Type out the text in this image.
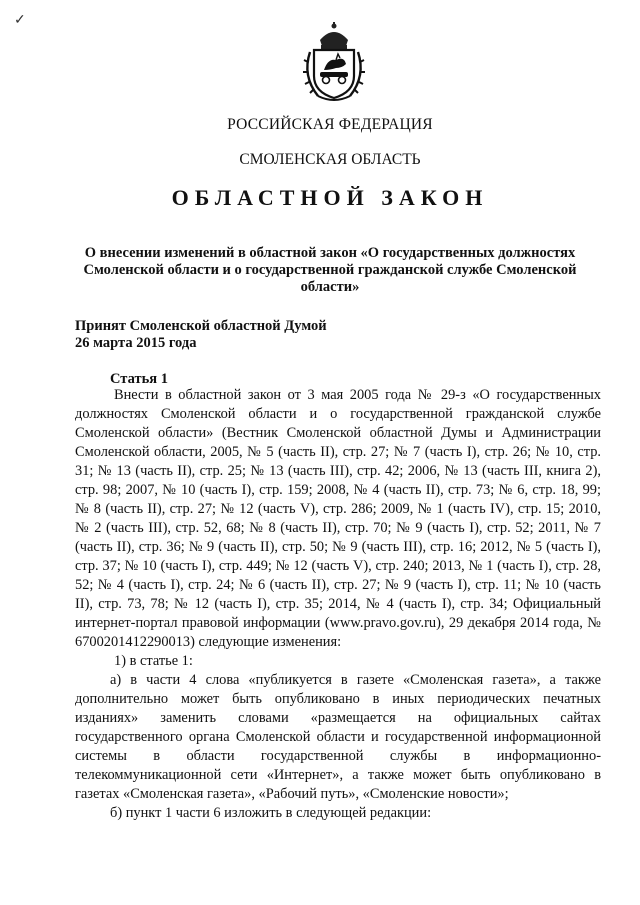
✓
РОССИЙСКАЯ ФЕДЕРАЦИЯ
СМОЛЕНСКАЯ ОБЛАСТЬ
ОБЛАСТНОЙ ЗАКОН
О внесении изменений в областной закон «О государственных должностях Смоленской области и о государственной гражданской службе Смоленской области»
Принят Смоленской областной Думой
26 марта 2015 года
Статья 1
Внести в областной закон от 3 мая 2005 года № 29-з «О государственных должностях Смоленской области и о государственной гражданской службе Смоленской области» (Вестник Смоленской областной Думы и Администрации Смоленской области, 2005, № 5 (часть II), стр. 27; № 7 (часть I), стр. 26; № 10, стр. 31; № 13 (часть II), стр. 25; № 13 (часть III), стр. 42; 2006, № 13 (часть III, книга 2), стр. 98; 2007, № 10 (часть I), стр. 159; 2008, № 4 (часть II), стр. 73; № 6, стр. 18, 99; № 8 (часть II), стр. 27; № 12 (часть V), стр. 286; 2009, № 1 (часть IV), стр. 15; 2010, № 2 (часть III), стр. 52, 68; № 8 (часть II), стр. 70; № 9 (часть I), стр. 52; 2011, № 7 (часть II), стр. 36; № 9 (часть II), стр. 50; № 9 (часть III), стр. 16; 2012, № 5 (часть I), стр. 37; № 10 (часть I), стр. 449; № 12 (часть V), стр. 240; 2013, № 1 (часть I), стр. 28, 52; № 4 (часть I), стр. 24; № 6 (часть II), стр. 27; № 9 (часть I), стр. 11; № 10 (часть II), стр. 73, 78; № 12 (часть I), стр. 35; 2014, № 4 (часть I), стр. 34; Официальный интернет-портал правовой информации (www.pravo.gov.ru), 29 декабря 2014 года, № 6700201412290013) следующие изменения:
1) в статье 1:
а) в части 4 слова «публикуется в газете «Смоленская газета», а также дополнительно может быть опубликовано в иных периодических печатных изданиях» заменить словами «размещается на официальных сайтах государственного органа Смоленской области и государственной информационной системы в области государственной службы в информационно-телекоммуникационной сети «Интернет», а также может быть опубликовано в газетах «Смоленская газета», «Рабочий путь», «Смоленские новости»;
б) пункт 1 части 6 изложить в следующей редакции:
